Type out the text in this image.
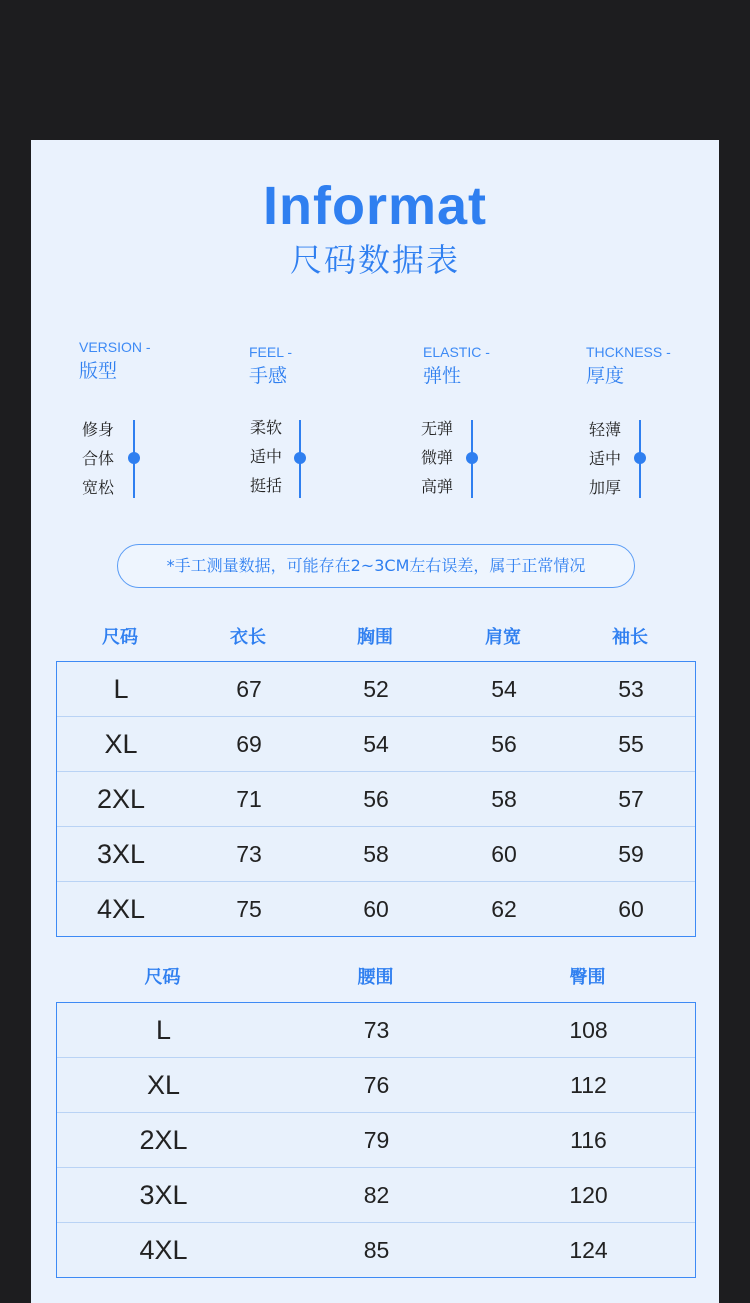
Informat
尺码数据表
VERSION -
版型
修身
合体
宽松
FEEL -
手感
柔软
适中
挺括
ELASTIC -
弹性
无弹
微弹
高弹
THCKNESS -
厚度
轻薄
适中
加厚
*手工测量数据，可能存在2~3CM左右误差，属于正常情况
尺码	衣长	胸围	肩宽	袖长
L	67	52	54	53
XL	69	54	56	55
2XL	71	56	58	57
3XL	73	58	60	59
4XL	75	60	62	60
尺码	腰围	臀围
L	73	108
XL	76	112
2XL	79	116
3XL	82	120
4XL	85	124
